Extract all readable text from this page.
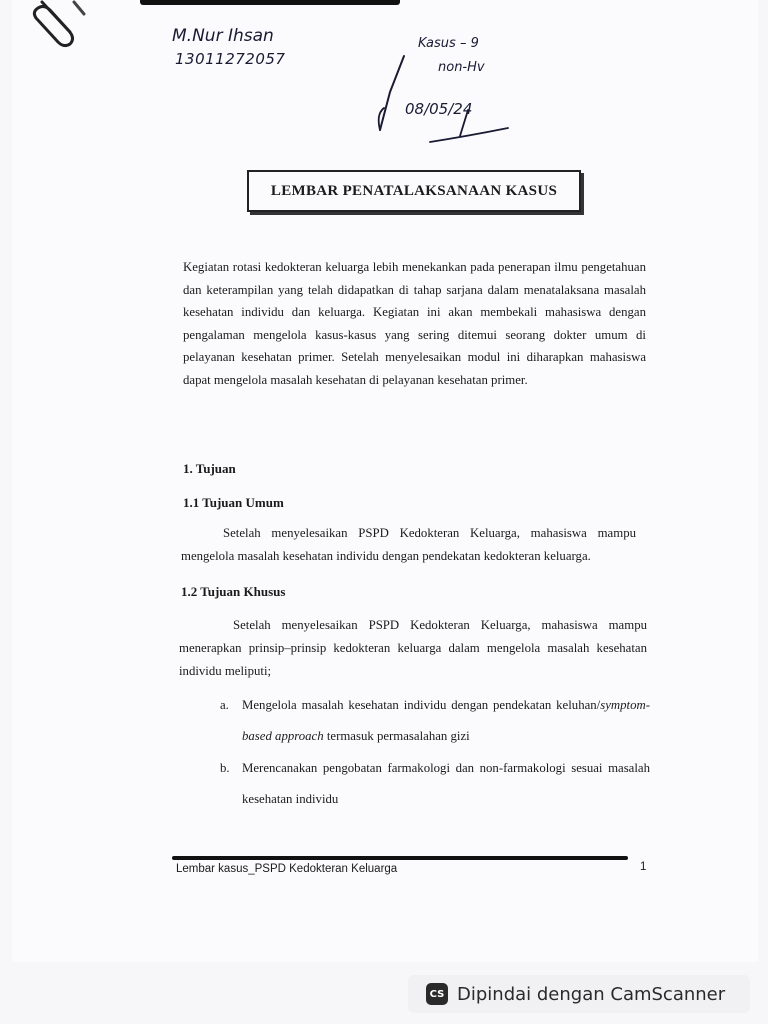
M.Nur Ihsan
13011272057
Kasus – 9
non-Hv
08/05/24
LEMBAR PENATALAKSANAAN KASUS
Kegiatan rotasi kedokteran keluarga lebih menekankan pada penerapan ilmu pengetahuan dan keterampilan yang telah didapatkan di tahap sarjana dalam menatalaksana masalah kesehatan individu dan keluarga. Kegiatan ini akan membekali mahasiswa dengan pengalaman mengelola kasus-kasus yang sering ditemui seorang dokter umum di pelayanan kesehatan primer. Setelah menyelesaikan modul ini diharapkan mahasiswa dapat mengelola masalah kesehatan di pelayanan kesehatan primer.
1. Tujuan
1.1 Tujuan Umum
Setelah menyelesaikan PSPD Kedokteran Keluarga, mahasiswa mampu mengelola masalah kesehatan individu dengan pendekatan kedokteran keluarga.
1.2 Tujuan Khusus
Setelah menyelesaikan PSPD Kedokteran Keluarga, mahasiswa mampu menerapkan prinsip–prinsip kedokteran keluarga dalam mengelola masalah kesehatan individu meliputi;
a. Mengelola masalah kesehatan individu dengan pendekatan keluhan/symptom-based approach termasuk permasalahan gizi
b. Merencanakan pengobatan farmakologi dan non-farmakologi sesuai masalah kesehatan individu
Lembar kasus_PSPD Kedokteran Keluarga	1
CS Dipindai dengan CamScanner
